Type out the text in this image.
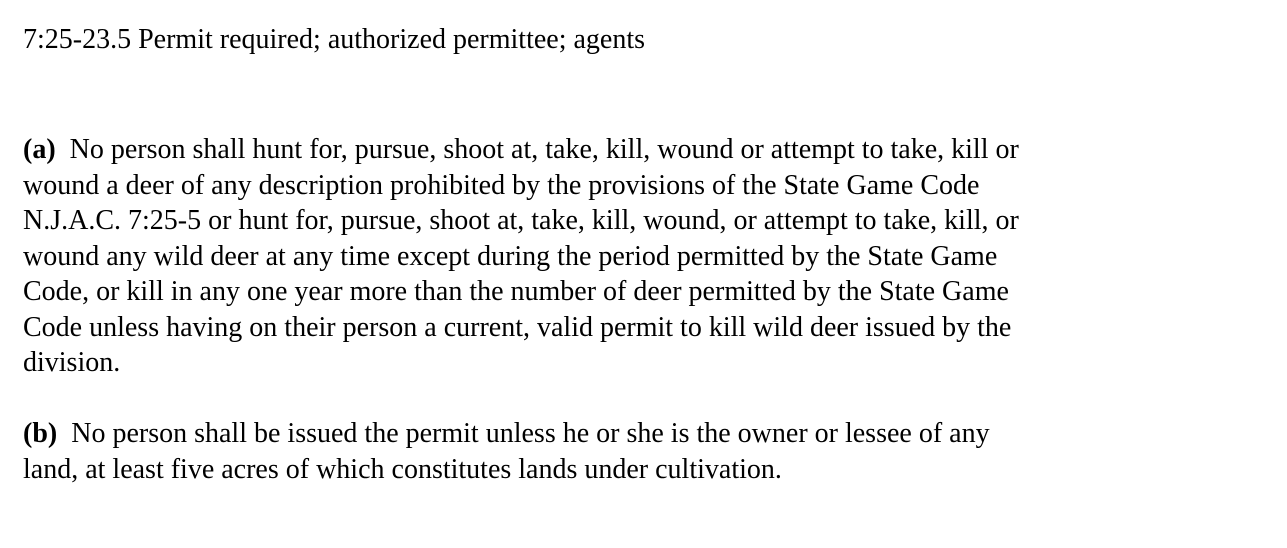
7:25-23.5 Permit required; authorized permittee; agents
(a) No person shall hunt for, pursue, shoot at, take, kill, wound or attempt to take, kill or
wound a deer of any description prohibited by the provisions of the State Game Code
N.J.A.C. 7:25-5 or hunt for, pursue, shoot at, take, kill, wound, or attempt to take, kill, or
wound any wild deer at any time except during the period permitted by the State Game
Code, or kill in any one year more than the number of deer permitted by the State Game
Code unless having on their person a current, valid permit to kill wild deer issued by the
division.
(b) No person shall be issued the permit unless he or she is the owner or lessee of any
land, at least five acres of which constitutes lands under cultivation.
